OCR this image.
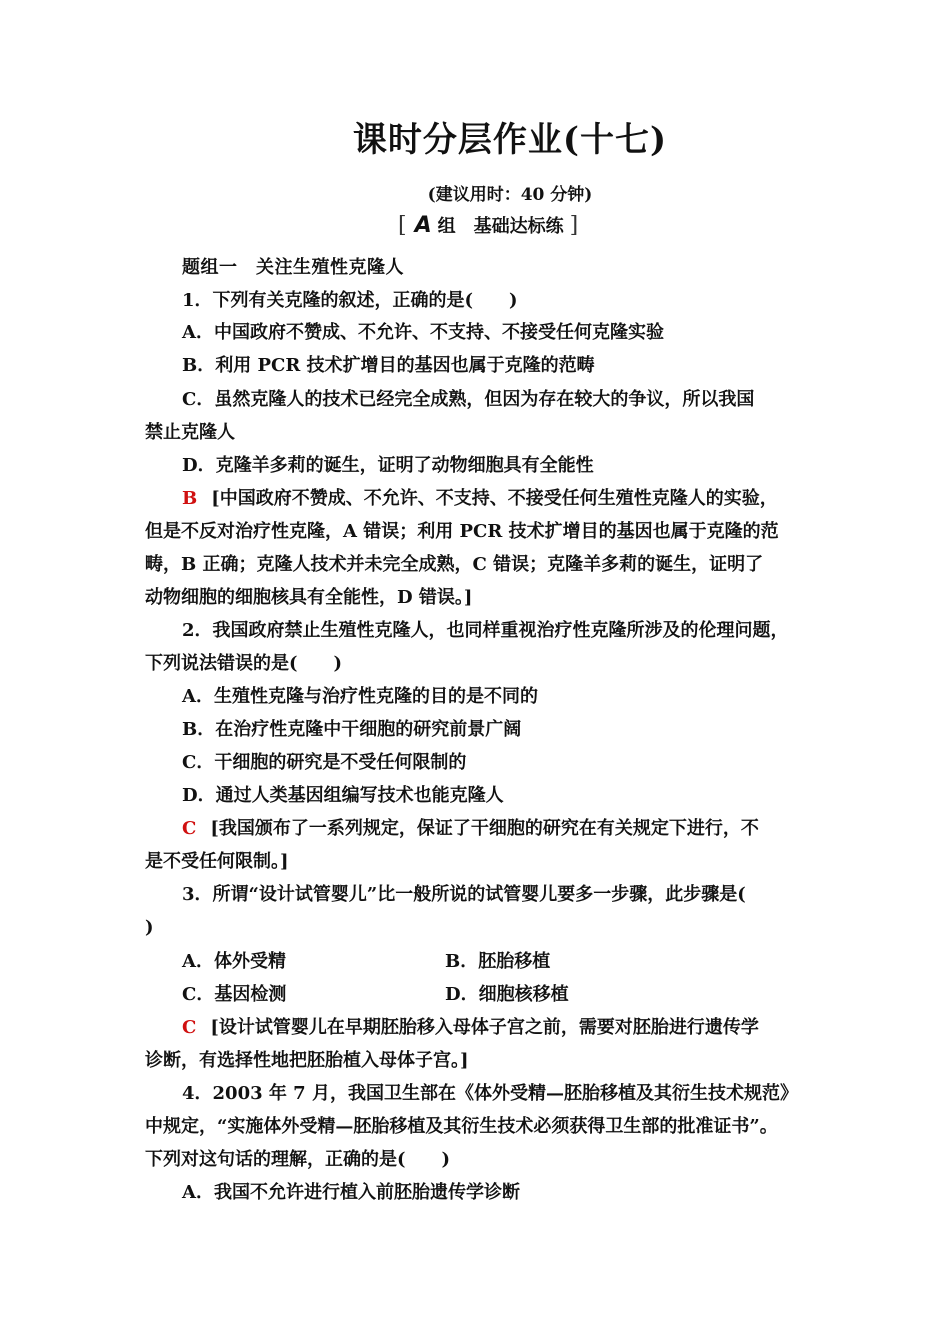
课时分层作业(十七)
(建议用时：40 分钟)
[ A 组　基础达标练 ]
题组一　关注生殖性克隆人
1．下列有关克隆的叙述，正确的是(　　)
A．中国政府不赞成、不允许、不支持、不接受任何克隆实验
B．利用 PCR 技术扩增目的基因也属于克隆的范畴
C．虽然克隆人的技术已经完全成熟，但因为存在较大的争议，所以我国
禁止克隆人
D．克隆羊多莉的诞生，证明了动物细胞具有全能性
B [中国政府不赞成、不允许、不支持、不接受任何生殖性克隆人的实验，
但是不反对治疗性克隆，A 错误；利用 PCR 技术扩增目的基因也属于克隆的范
畴，B 正确；克隆人技术并未完全成熟，C 错误；克隆羊多莉的诞生，证明了
动物细胞的细胞核具有全能性，D 错误。]
2．我国政府禁止生殖性克隆人，也同样重视治疗性克隆所涉及的伦理问题，
下列说法错误的是(　　)
A．生殖性克隆与治疗性克隆的目的是不同的
B．在治疗性克隆中干细胞的研究前景广阔
C．干细胞的研究是不受任何限制的
D．通过人类基因组编写技术也能克隆人
C [我国颁布了一系列规定，保证了干细胞的研究在有关规定下进行，不
是不受任何限制。]
3．所谓“设计试管婴儿”比一般所说的试管婴儿要多一步骤，此步骤是(
)
A．体外受精	B．胚胎移植
C．基因检测	D．细胞核移植
C [设计试管婴儿在早期胚胎移入母体子宫之前，需要对胚胎进行遗传学
诊断，有选择性地把胚胎植入母体子宫。]
4．2003 年 7 月，我国卫生部在《体外受精—胚胎移植及其衍生技术规范》
中规定，“实施体外受精—胚胎移植及其衍生技术必须获得卫生部的批准证书”。
下列对这句话的理解，正确的是(　　)
A．我国不允许进行植入前胚胎遗传学诊断
